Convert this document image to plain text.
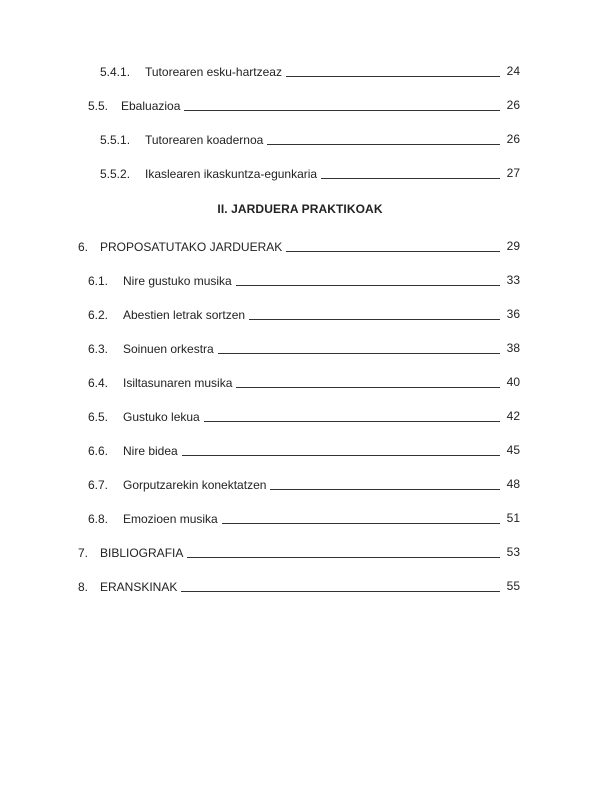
II. JARDUERA PRAKTIKOAK
5.4.1.	Tutorearen esku-hartzeaz	24
5.5.	Ebaluazioa	26
5.5.1.	Tutorearen koadernoa	26
5.5.2.	Ikaslearen ikaskuntza-egunkaria	27
6. PROPOSATUTAKO JARDUERAK	29
6.1.	Nire gustuko musika	33
6.2.	Abestien letrak sortzen	36
6.3.	Soinuen orkestra	38
6.4.	Isiltasunaren musika	40
6.5.	Gustuko lekua	42
6.6.	Nire bidea	45
6.7.	Gorputzarekin konektatzen	48
6.8.	Emozioen musika	51
7. BIBLIOGRAFIA	53
8. ERANSKINAK	55
